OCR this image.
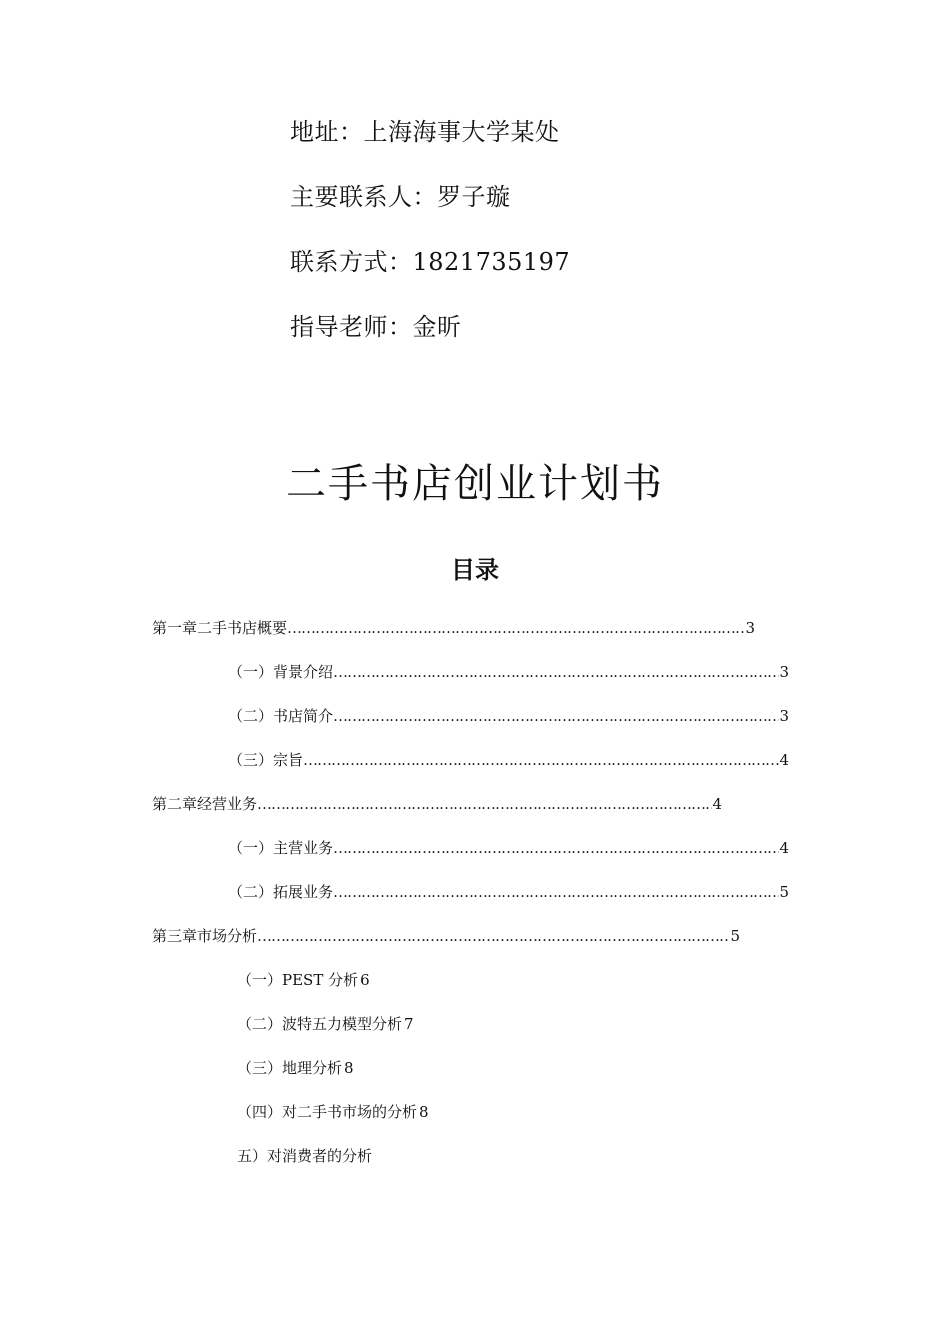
地址：上海海事大学某处
主要联系人：罗子璇
联系方式：1821735197
指导老师：金昕
二手书店创业计划书
目录
第一章二手书店概要 ……………………………………………………………………………………………………………………………………………………………………………………………………………………………………………	3
（一）背景介绍 ……………………………………………………………………………………………………………………………………………………………………………………………………………………………………………	3
（二）书店简介 ……………………………………………………………………………………………………………………………………………………………………………………………………………………………………………	3
（三）宗旨 ……………………………………………………………………………………………………………………………………………………………………………………………………………………………………………	4
第二章经营业务 ……………………………………………………………………………………………………………………………………………………………………………………………………………………………………………	4
（一）主营业务 ……………………………………………………………………………………………………………………………………………………………………………………………………………………………………………	4
（二）拓展业务 ……………………………………………………………………………………………………………………………………………………………………………………………………………………………………………	5
第三章市场分析 ……………………………………………………………………………………………………………………………………………………………………………………………………………………………………………	5
（一）PEST 分析 6
（二）波特五力模型分析 7
（三）地理分析 8
（四）对二手书市场的分析 8
五）对消费者的分析
